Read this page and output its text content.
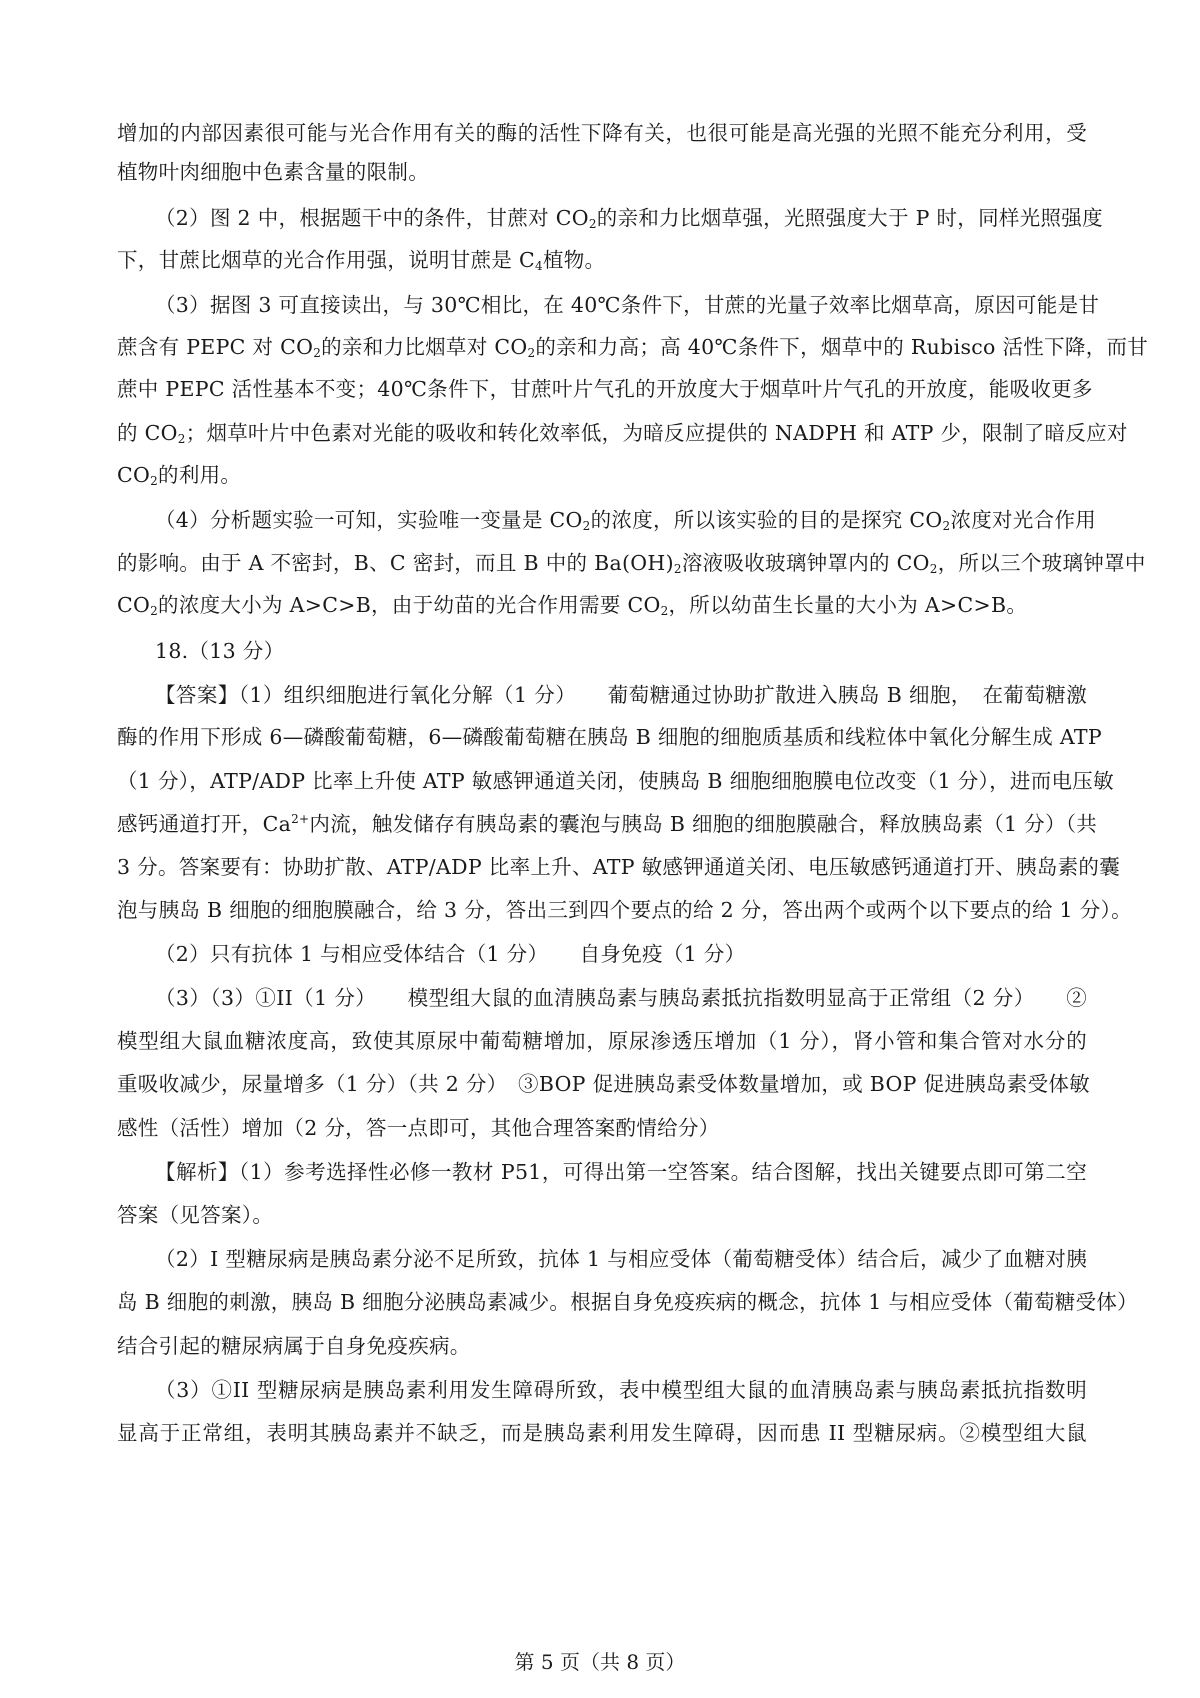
增加的内部因素很可能与光合作用有关的酶的活性下降有关，也很可能是高光强的光照不能充分利用，受
植物叶肉细胞中色素含量的限制。
（2）图 2 中，根据题干中的条件，甘蔗对 $CO_2$的亲和力比烟草强，光照强度大于 P 时，同样光照强度
下，甘蔗比烟草的光合作用强，说明甘蔗是 $C_4$植物。
（3）据图 3 可直接读出，与 30℃相比，在 40℃条件下，甘蔗的光量子效率比烟草高，原因可能是甘
蔗含有 PEPC 对 $CO_2$的亲和力比烟草对 $CO_2$的亲和力高；高 40℃条件下，烟草中的 Rubisco 活性下降，而甘
蔗中 PEPC 活性基本不变；40℃条件下，甘蔗叶片气孔的开放度大于烟草叶片气孔的开放度，能吸收更多
的 $CO_2$；烟草叶片中色素对光能的吸收和转化效率低，为暗反应提供的 NADPH 和 ATP 少，限制了暗反应对
$CO_2$的利用。
（4）分析题实验一可知，实验唯一变量是 $CO_2$的浓度，所以该实验的目的是探究 $CO_2$浓度对光合作用
的影响。由于 A 不密封，B、C 密封，而且 B 中的 $Ba(OH)_2$溶液吸收玻璃钟罩内的 $CO_2$，所以三个玻璃钟罩中
$CO_2$的浓度大小为 A>C>B，由于幼苗的光合作用需要 $CO_2$，所以幼苗生长量的大小为 A>C>B。
18.（13 分）
【答案】（1）组织细胞进行氧化分解（1 分）　　葡萄糖通过协助扩散进入胰岛 B 细胞，　在葡萄糖激
酶的作用下形成 6—磷酸葡萄糖，6—磷酸葡萄糖在胰岛 B 细胞的细胞质基质和线粒体中氧化分解生成 ATP
（1 分），ATP/ADP 比率上升使 ATP 敏感钾通道关闭，使胰岛 B 细胞细胞膜电位改变（1 分），进而电压敏
感钙通道打开，$Ca^{2+}$内流，触发储存有胰岛素的囊泡与胰岛 B 细胞的细胞膜融合，释放胰岛素（1 分）（共
3 分。答案要有：协助扩散、ATP/ADP 比率上升、ATP 敏感钾通道关闭、电压敏感钙通道打开、胰岛素的囊
泡与胰岛 B 细胞的细胞膜融合，给 3 分，答出三到四个要点的给 2 分，答出两个或两个以下要点的给 1 分）。
（2）只有抗体 1 与相应受体结合（1 分）　　自身免疫（1 分）
（3）（3）①II（1 分）　　模型组大鼠的血清胰岛素与胰岛素抵抗指数明显高于正常组（2 分）　　②
模型组大鼠血糖浓度高，致使其原尿中葡萄糖增加，原尿渗透压增加（1 分），肾小管和集合管对水分的
重吸收减少，尿量增多（1 分）（共 2 分）　③BOP 促进胰岛素受体数量增加，或 BOP 促进胰岛素受体敏
感性（活性）增加（2 分，答一点即可，其他合理答案酌情给分）
【解析】（1）参考选择性必修一教材 P51，可得出第一空答案。结合图解，找出关键要点即可第二空
答案（见答案）。
（2）I 型糖尿病是胰岛素分泌不足所致，抗体 1 与相应受体（葡萄糖受体）结合后，减少了血糖对胰
岛 B 细胞的刺激，胰岛 B 细胞分泌胰岛素减少。根据自身免疫疾病的概念，抗体 1 与相应受体（葡萄糖受体）
结合引起的糖尿病属于自身免疫疾病。
（3）①II 型糖尿病是胰岛素利用发生障碍所致，表中模型组大鼠的血清胰岛素与胰岛素抵抗指数明
显高于正常组，表明其胰岛素并不缺乏，而是胰岛素利用发生障碍，因而患 II 型糖尿病。②模型组大鼠
第 5 页（共 8 页）
